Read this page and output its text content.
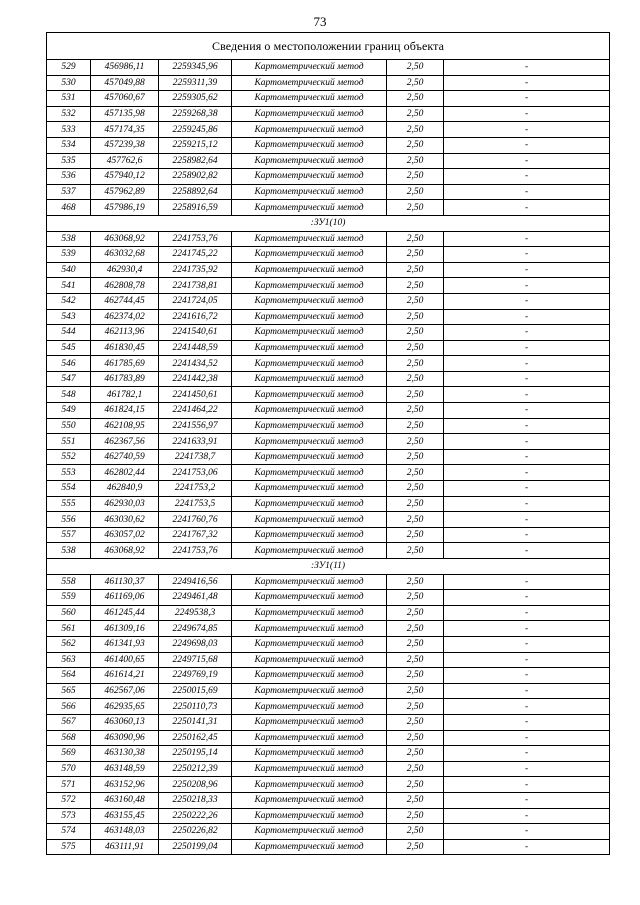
73
Сведения о местоположении границ объекта					
529	456986,11	2259345,96	Картометрический метод	2,50	-
530	457049,88	2259311,39	Картометрический метод	2,50	-
531	457060,67	2259305,62	Картометрический метод	2,50	-
532	457135,98	2259268,38	Картометрический метод	2,50	-
533	457174,35	2259245,86	Картометрический метод	2,50	-
534	457239,38	2259215,12	Картометрический метод	2,50	-
535	457762,6	2258982,64	Картометрический метод	2,50	-
536	457940,12	2258902,82	Картометрический метод	2,50	-
537	457962,89	2258892,64	Картометрический метод	2,50	-
468	457986,19	2258916,59	Картометрический метод	2,50	-
:ЗУ1(10)					
538	463068,92	2241753,76	Картометрический метод	2,50	-
539	463032,68	2241745,22	Картометрический метод	2,50	-
540	462930,4	2241735,92	Картометрический метод	2,50	-
541	462808,78	2241738,81	Картометрический метод	2,50	-
542	462744,45	2241724,05	Картометрический метод	2,50	-
543	462374,02	2241616,72	Картометрический метод	2,50	-
544	462113,96	2241540,61	Картометрический метод	2,50	-
545	461830,45	2241448,59	Картометрический метод	2,50	-
546	461785,69	2241434,52	Картометрический метод	2,50	-
547	461783,89	2241442,38	Картометрический метод	2,50	-
548	461782,1	2241450,61	Картометрический метод	2,50	-
549	461824,15	2241464,22	Картометрический метод	2,50	-
550	462108,95	2241556,97	Картометрический метод	2,50	-
551	462367,56	2241633,91	Картометрический метод	2,50	-
552	462740,59	2241738,7	Картометрический метод	2,50	-
553	462802,44	2241753,06	Картометрический метод	2,50	-
554	462840,9	2241753,2	Картометрический метод	2,50	-
555	462930,03	2241753,5	Картометрический метод	2,50	-
556	463030,62	2241760,76	Картометрический метод	2,50	-
557	463057,02	2241767,32	Картометрический метод	2,50	-
538	463068,92	2241753,76	Картометрический метод	2,50	-
:ЗУ1(11)					
558	461130,37	2249416,56	Картометрический метод	2,50	-
559	461169,06	2249461,48	Картометрический метод	2,50	-
560	461245,44	2249538,3	Картометрический метод	2,50	-
561	461309,16	2249674,85	Картометрический метод	2,50	-
562	461341,93	2249698,03	Картометрический метод	2,50	-
563	461400,65	2249715,68	Картометрический метод	2,50	-
564	461614,21	2249769,19	Картометрический метод	2,50	-
565	462567,06	2250015,69	Картометрический метод	2,50	-
566	462935,65	2250110,73	Картометрический метод	2,50	-
567	463060,13	2250141,31	Картометрический метод	2,50	-
568	463090,96	2250162,45	Картометрический метод	2,50	-
569	463130,38	2250195,14	Картометрический метод	2,50	-
570	463148,59	2250212,39	Картометрический метод	2,50	-
571	463152,96	2250208,96	Картометрический метод	2,50	-
572	463160,48	2250218,33	Картометрический метод	2,50	-
573	463155,45	2250222,26	Картометрический метод	2,50	-
574	463148,03	2250226,82	Картометрический метод	2,50	-
575	463111,91	2250199,04	Картометрический метод	2,50	-
